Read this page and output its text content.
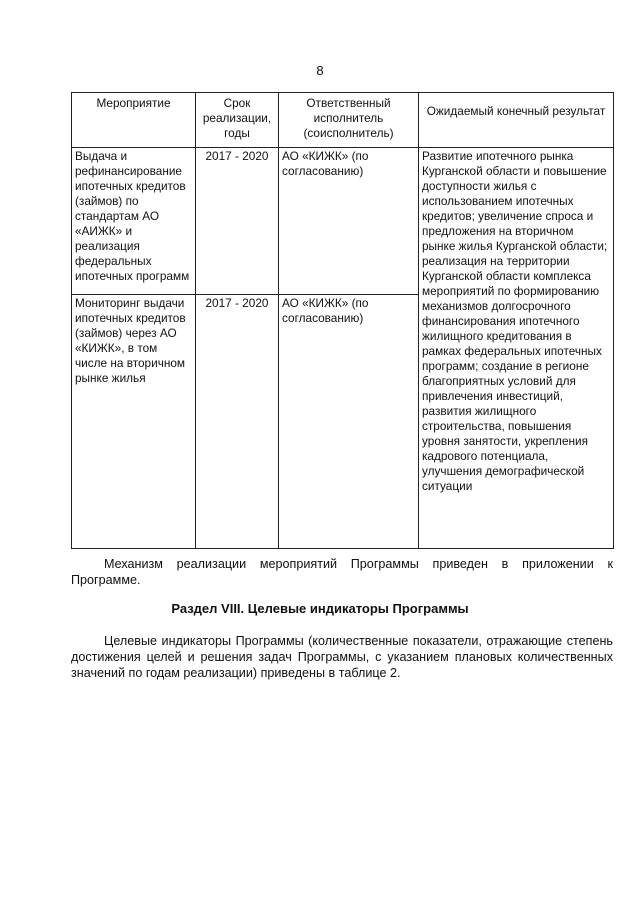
8
Мероприятие	Срок реализации, годы	Ответственный исполнитель (соисполнитель)	Ожидаемый конечный результат
Выдача и рефинансирование ипотечных кредитов (займов) по стандартам АО «АИЖК» и реализация федеральных ипотечных программ	2017 - 2020	АО «КИЖК» (по согласованию)	Развитие ипотечного рынка Курганской области и повышение доступности жилья с использованием ипотечных кредитов; увеличение спроса и предложения на вторичном рынке жилья Курганской области; реализация на территории Курганской области комплекса мероприятий по формированию механизмов долгосрочного финансирования ипотечного жилищного кредитования в рамках федеральных ипотечных программ; создание в регионе благоприятных условий для привлечения инвестиций, развития жилищного строительства, повышения уровня занятости, укрепления кадрового потенциала, улучшения демографической ситуации
Мониторинг выдачи ипотечных кредитов (займов) через АО «КИЖК», в том числе на вторичном рынке жилья	2017 - 2020	АО «КИЖК» (по согласованию)	
Механизм реализации мероприятий Программы приведен в приложении к Программе.
Раздел VIII. Целевые индикаторы Программы
Целевые индикаторы Программы (количественные показатели, отражающие степень достижения целей и решения задач Программы, с указанием плановых количественных значений по годам реализации) приведены в таблице 2.
